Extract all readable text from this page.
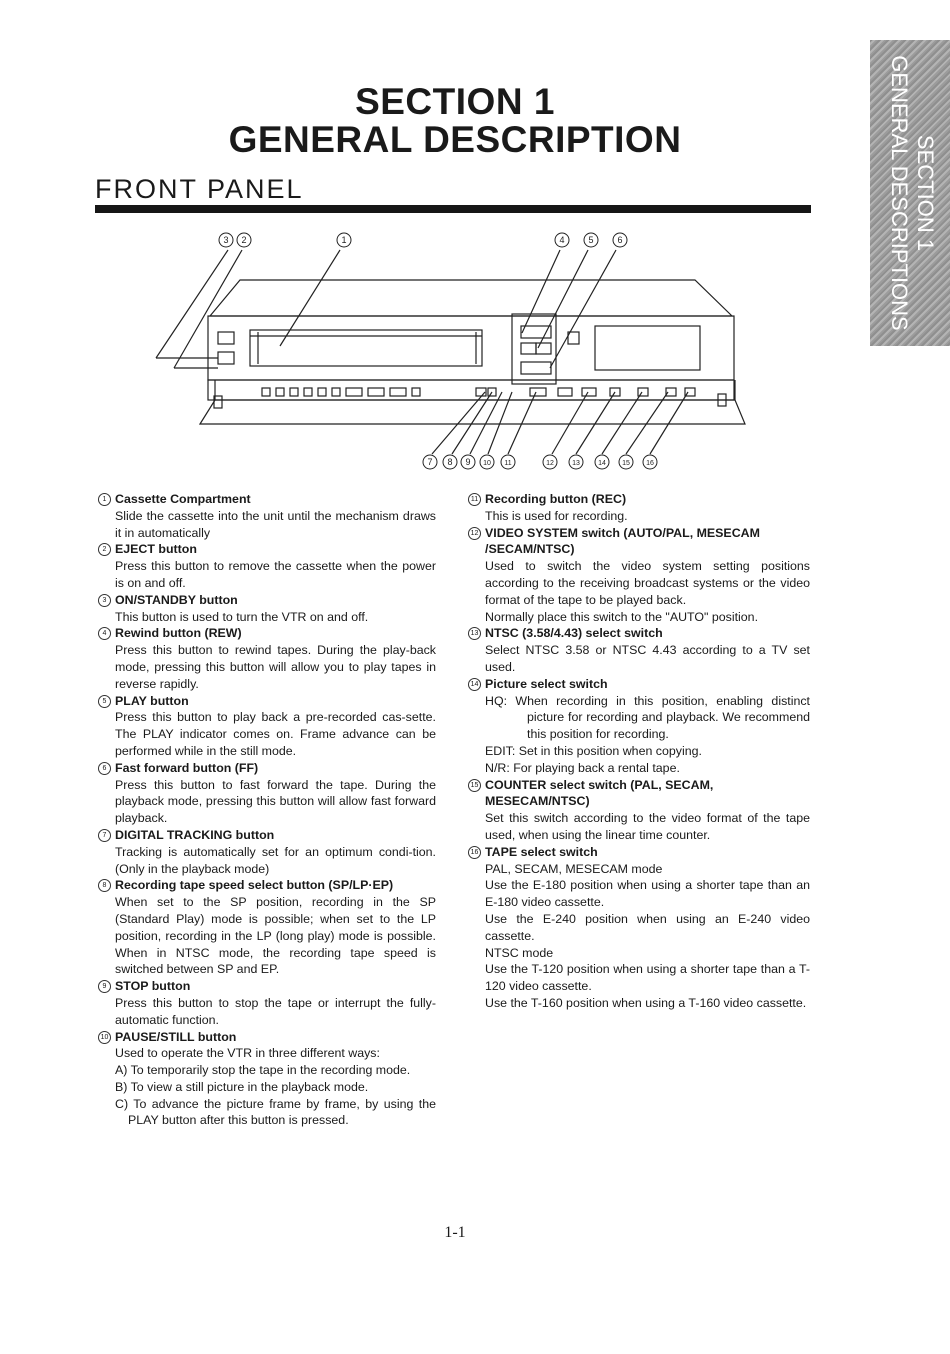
SECTION 1
GENERAL DESCRIPTION
FRONT PANEL	SECTION 1
GENERAL DESCRIPTIONS
3 2	1	4	5	6
7 8 9 10 11	12	13	14 15 16
1 Cassette Compartment
Slide the cassette into the unit until the mechanism draws it in automatically
2 EJECT button
Press this button to remove the cassette when the power is on and off.
3 ON/STANDBY button
This button is used to turn the VTR on and off.
4 Rewind button (REW)
Press this button to rewind tapes. During the play-back mode, pressing this button will allow you to play tapes in reverse rapidly.
5 PLAY button
Press this button to play back a pre-recorded cas-sette. The PLAY indicator comes on. Frame advance can be performed while in the still mode.
6 Fast forward button (FF)
Press this button to fast forward the tape. During the playback mode, pressing this button will allow fast forward playback.
7 DIGITAL TRACKING button
Tracking is automatically set for an optimum condi-tion. (Only in the playback mode)
8 Recording tape speed select button (SP/LP·EP)
When set to the SP position, recording in the SP (Standard Play) mode is possible; when set to the LP position, recording in the LP (long play) mode is possible. When in NTSC mode, the recording tape speed is switched between SP and EP.
9 STOP button
Press this button to stop the tape or interrupt the fully-automatic function.
10 PAUSE/STILL button
Used to operate the VTR in three different ways:
A) To temporarily stop the tape in the recording mode.
B) To view a still picture in the playback mode.
C) To advance the picture frame by frame, by using the PLAY button after this button is pressed.
11 Recording button (REC)
This is used for recording.
12 VIDEO SYSTEM switch (AUTO/PAL, MESECAM /SECAM/NTSC)
Used to switch the video system setting positions according to the receiving broadcast systems or the video format of the tape to be played back.
Normally place this switch to the "AUTO" position.
13 NTSC (3.58/4.43) select switch
Select NTSC 3.58 or NTSC 4.43 according to a TV set used.
14 Picture select switch
HQ: When recording in this position, enabling distinct picture for recording and playback. We recommend this position for recording.
EDIT: Set in this position when copying.
N/R: For playing back a rental tape.
15 COUNTER select switch (PAL, SECAM, MESECAM/NTSC)
Set this switch according to the video format of the tape used, when using the linear time counter.
16 TAPE select switch
PAL, SECAM, MESECAM mode
Use the E-180 position when using a shorter tape than an E-180 video cassette.
Use the E-240 position when using an E-240 video cassette.
NTSC mode
Use the T-120 position when using a shorter tape than a T-120 video cassette.
Use the T-160 position when using a T-160 video cassette.
1-1
